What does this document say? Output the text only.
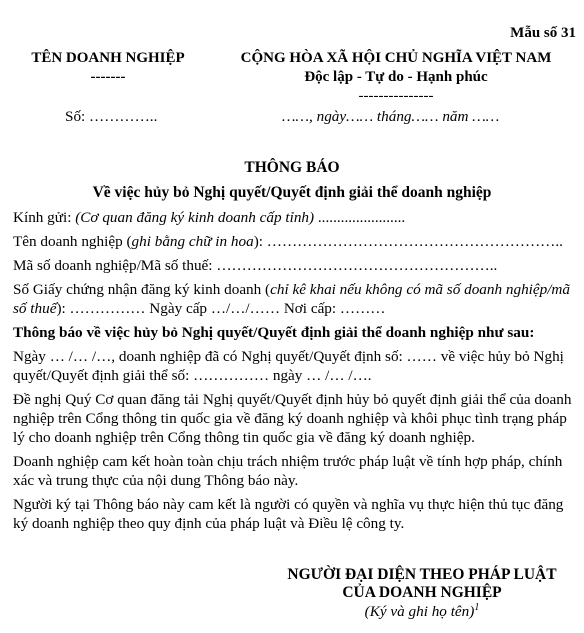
Mẫu số 31
TÊN DOANH NGHIỆP
-------
CỘNG HÒA XÃ HỘI CHỦ NGHĨA VIỆT NAM
Độc lập - Tự do - Hạnh phúc
---------------
Số: …………..	……, ngày…… tháng…… năm ……
THÔNG BÁO
Về việc hủy bỏ Nghị quyết/Quyết định giải thể doanh nghiệp

Kính gửi: (Cơ quan đăng ký kinh doanh cấp tỉnh) .......................

Tên doanh nghiệp (ghi bằng chữ in hoa): …………………………………………………..

Mã số doanh nghiệp/Mã số thuế: ………………………………………………..

Số Giấy chứng nhận đăng ký kinh doanh (chỉ kê khai nếu không có mã số doanh nghiệp/mã số thuế): …………… Ngày cấp …/…/…… Nơi cấp: ………

Thông báo về việc hủy bỏ Nghị quyết/Quyết định giải thể doanh nghiệp như sau:

Ngày … /… /…, doanh nghiệp đã có Nghị quyết/Quyết định số: …… về việc hủy bỏ Nghị quyết/Quyết định giải thể số: …………… ngày … /… /….

Đề nghị Quý Cơ quan đăng tải Nghị quyết/Quyết định hủy bỏ quyết định giải thể của doanh nghiệp trên Cổng thông tin quốc gia về đăng ký doanh nghiệp và khôi phục tình trạng pháp lý cho doanh nghiệp trên Cổng thông tin quốc gia về đăng ký doanh nghiệp.

Doanh nghiệp cam kết hoàn toàn chịu trách nhiệm trước pháp luật về tính hợp pháp, chính xác và trung thực của nội dung Thông báo này.

Người ký tại Thông báo này cam kết là người có quyền và nghĩa vụ thực hiện thủ tục đăng ký doanh nghiệp theo quy định của pháp luật và Điều lệ công ty.

NGƯỜI ĐẠI DIỆN THEO PHÁP LUẬT
CỦA DOANH NGHIỆP
(Ký và ghi họ tên)$^1$
